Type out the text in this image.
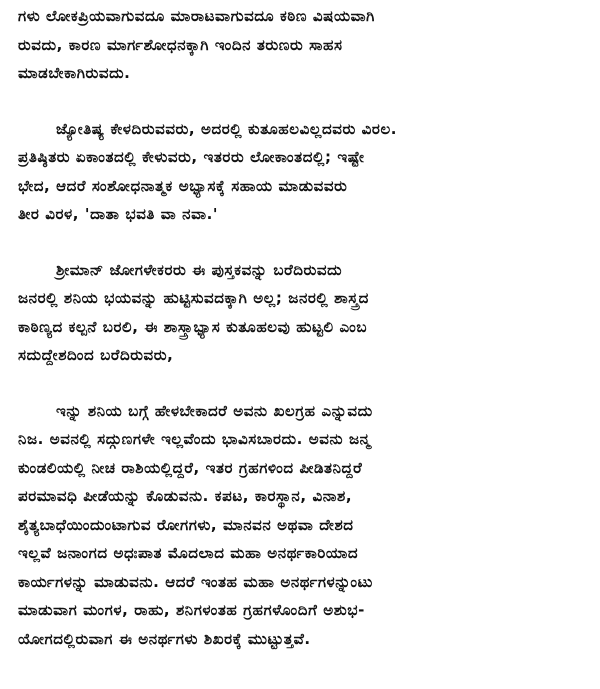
ಗಳು ಲೋಕಪ್ರಿಯವಾಗುವದೂ ಮಾರಾಟವಾಗುವದೂ ಕಠಿಣ ವಿಷಯವಾಗಿ
ರುವದು, ಕಾರಣ ಮಾರ್ಗಶೋಧನಕ್ಕಾಗಿ ಇಂದಿನ ತರುಣರು ಸಾಹಸ
ಮಾಡಬೇಕಾಗಿರುವದು.
ಜ್ಯೋತಿಷ್ಯ ಕೇಳದಿರುವವರು, ಅದರಲ್ಲಿ ಕುತೂಹಲವಿಲ್ಲದವರು ವಿರಲ.
ಪ್ರತಿಷ್ಠಿತರು ಏಕಾಂತದಲ್ಲಿ ಕೇಳುವರು, ಇತರರು ಲೋಕಾಂತದಲ್ಲಿ; ಇಷ್ಟೇ
ಭೇದ, ಆದರೆ ಸಂಶೋಧನಾತ್ಮಕ ಅಭ್ಯಾಸಕ್ಕೆ ಸಹಾಯ ಮಾಡುವವರು
ತೀರ ವಿರಳ, 'ದಾತಾ ಭವತಿ ವಾ ನವಾ.'
ಶ್ರೀಮಾನ್ ಜೋಗಳೇಕರರು ಈ ಪುಸ್ತಕವನ್ನು ಬರೆದಿರುವದು
ಜನರಲ್ಲಿ ಶನಿಯ ಭಯವನ್ನು ಹುಟ್ಟಿಸುವದಕ್ಕಾಗಿ ಅಲ್ಲ; ಜನರಲ್ಲಿ ಶಾಸ್ತ್ರದ
ಕಾಠಿಣ್ಯದ ಕಲ್ಪನೆ ಬರಲಿ, ಈ ಶಾಸ್ತ್ರಾಭ್ಯಾಸ ಕುತೂಹಲವು ಹುಟ್ಟಲಿ ಎಂಬ
ಸದುದ್ದೇಶದಿಂದ ಬರೆದಿರುವರು,
ಇನ್ನು ಶನಿಯ ಬಗ್ಗೆ ಹೇಳಬೇಕಾದರೆ ಅವನು ಖಲಗ್ರಹ ಎನ್ನುವದು
ನಿಜ. ಅವನಲ್ಲಿ ಸದ್ಗುಣಗಳೇ ಇಲ್ಲವೆಂದು ಭಾವಿಸಬಾರದು. ಅವನು ಜನ್ಮ
ಕುಂಡಲಿಯಲ್ಲಿ ನೀಚ ರಾಶಿಯಲ್ಲಿದ್ದರೆ, ಇತರ ಗ್ರಹಗಳಿಂದ ಪೀಡಿತನಿದ್ದರೆ
ಪರಮಾವಧಿ ಪೀಡೆಯನ್ನು ಕೊಡುವನು. ಕಪಟ, ಕಾರಸ್ಥಾನ, ವಿನಾಶ,
ಶೈತ್ಯಬಾಧೆಯಿಂದುಂಟಾಗುವ ರೋಗಗಳು, ಮಾನವನ ಅಥವಾ ದೇಶದ
ಇಲ್ಲವೆ ಜನಾಂಗದ ಅಧಃಪಾತ ಮೊದಲಾದ ಮಹಾ ಅನರ್ಥಕಾರಿಯಾದ
ಕಾರ್ಯಗಳನ್ನು ಮಾಡುವನು. ಆದರೆ ಇಂತಹ ಮಹಾ ಅನರ್ಥಗಳನ್ನುಂಟು
ಮಾಡುವಾಗ ಮಂಗಳ, ರಾಹು, ಶನಿಗಳಂತಹ ಗ್ರಹಗಳೊಂದಿಗೆ ಅಶುಭ-
ಯೋಗದಲ್ಲಿರುವಾಗ ಈ ಅನರ್ಥಗಳು ಶಿಖರಕ್ಕೆ ಮುಟ್ಟುತ್ತವೆ.
